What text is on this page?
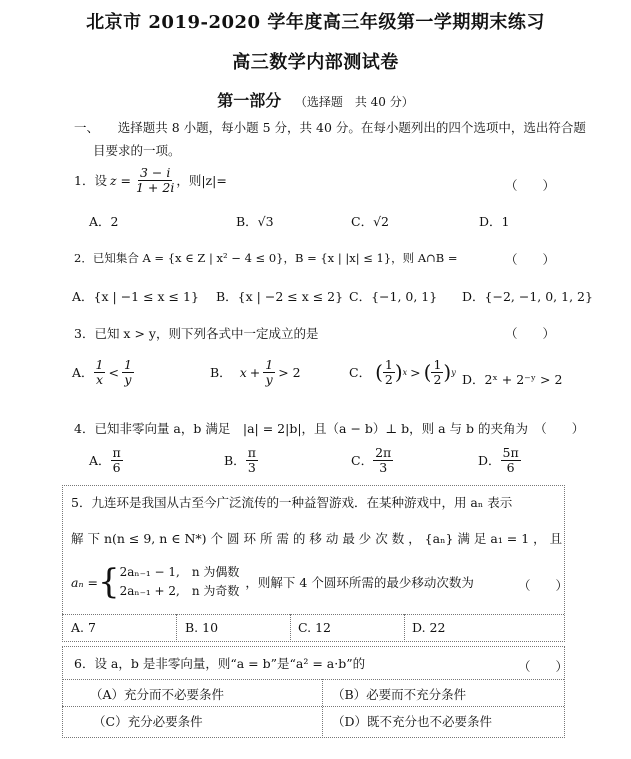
北京市 2019-2020 学年度高三年级第一学期期末练习
高三数学内部测试卷
第一部分 （选择题　共 40 分）
一、　　选择题共 8 小题，每小题 5 分，共 40 分。在每小题列出的四个选项中，选出符合题
目要求的一项。
1．设 $z = \frac{3 - i}{1 + 2i}$ ，则|z|=	（　　）
A．2	B．√3	C．√2	D．1
2．已知集合 A = {x ∈ Z | x² − 4 ≤ 0}，B = {x | |x| ≤ 1}，则 A∩B =	（　　）
A．{x | −1 ≤ x ≤ 1} B．{x | −2 ≤ x ≤ 2} C．{−1, 0, 1} D．{−2, −1, 0, 1, 2}
3．已知 x > y，则下列各式中一定成立的是	（　　）
A． $\frac{1}{x} < \frac{1}{y}$	B． $x + \frac{1}{y} > 2$	C． ( $\frac{1}{2}$ ) x > ( $\frac{1}{2}$ ) y D．2ˣ + 2⁻ʸ > 2
4．已知非零向量 a，b 满足　|a| = 2|b|，且（a − b）⊥ b，则 a 与 b 的夹角为　（　　）
A． $\frac{\pi}{6}$	B． $\frac{\pi}{3}$	C． $\frac{2\pi}{3}$	D． $\frac{5\pi}{6}$
5．九连环是我国从古至今广泛流传的一种益智游戏．在某种游戏中，用 aₙ 表示
解 下 n(n ≤ 9, n ∈ N*) 个 圆 环 所 需 的 移 动 最 少 次 数 ， {aₙ} 满 足 a₁ = 1 ， 且
aₙ = { 2aₙ₋₁ − 1,　n 为偶数
2aₙ₋₁ + 2,　n 为奇数
，则解下 4 个圆环所需的最少移动次数为	（　　）
A. 7	B. 10	C. 12	D. 22
6．设 a，b 是非零向量，则“a = b”是“a² = a·b”的	（　　）
（A）充分而不必要条件	（B）必要而不充分条件
（C）充分必要条件	（D）既不充分也不必要条件
